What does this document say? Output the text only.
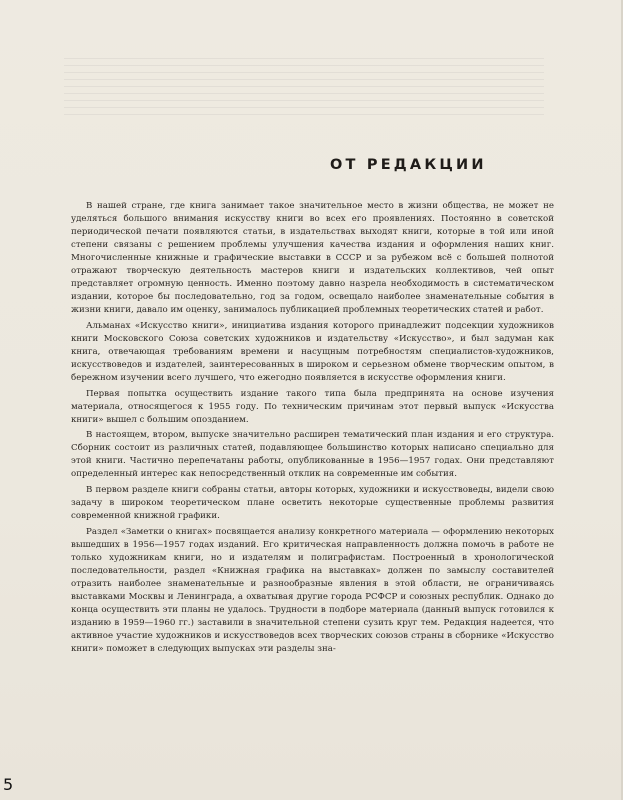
ОТ РЕДАКЦИИ

В нашей стране, где книга занимает такое значительное место в жизни общества, не может не уделяться большого внимания искусству книги во всех его проявлениях. Постоянно в советской периодической печати появляются статьи, в издательствах выходят книги, которые в той или иной степени связаны с решением проблемы улучшения качества издания и оформления наших книг. Многочисленные книжные и графические выставки в СССР и за рубежом всё с большей полнотой отражают творческую деятельность мастеров книги и издательских коллективов, чей опыт представляет огромную ценность. Именно поэтому давно назрела необходимость в систематическом издании, которое бы последовательно, год за годом, освещало наиболее знаменательные события в жизни книги, давало им оценку, занималось публикацией проблемных теоретических статей и работ.

Альманах «Искусство книги», инициатива издания которого принадлежит подсекции художников книги Московского Союза советских художников и издательству «Искусство», и был задуман как книга, отвечающая требованиям времени и насущным потребностям специалистов-художников, искусствоведов и издателей, заинтересованных в широком и серьезном обмене творческим опытом, в бережном изучении всего лучшего, что ежегодно появляется в искусстве оформления книги.

Первая попытка осуществить издание такого типа была предпринята на основе изучения материала, относящегося к 1955 году. По техническим причинам этот первый выпуск «Искусства книги» вышел с большим опозданием.

В настоящем, втором, выпуске значительно расширен тематический план издания и его структура. Сборник состоит из различных статей, подавляющее большинство которых написано специально для этой книги. Частично перепечатаны работы, опубликованные в 1956—1957 годах. Они представляют определенный интерес как непосредственный отклик на современные им события.

В первом разделе книги собраны статьи, авторы которых, художники и искусствоведы, видели свою задачу в широком теоретическом плане осветить некоторые существенные проблемы развития современной книжной графики.

Раздел «Заметки о книгах» посвящается анализу конкретного материала — оформлению некоторых вышедших в 1956—1957 годах изданий. Его критическая направленность должна помочь в работе не только художникам книги, но и издателям и полиграфистам. Построенный в хронологической последовательности, раздел «Книжная графика на выставках» должен по замыслу составителей отразить наиболее знаменательные и разнообразные явления в этой области, не ограничиваясь выставками Москвы и Ленинграда, а охватывая другие города РСФСР и союзных республик. Однако до конца осуществить эти планы не удалось. Трудности в подборе материала (данный выпуск готовился к изданию в 1959—1960 гг.) заставили в значительной степени сузить круг тем. Редакция надеется, что активное участие художников и искусствоведов всех творческих союзов страны в сборнике «Искусство книги» поможет в следующих выпусках эти разделы зна-

5
